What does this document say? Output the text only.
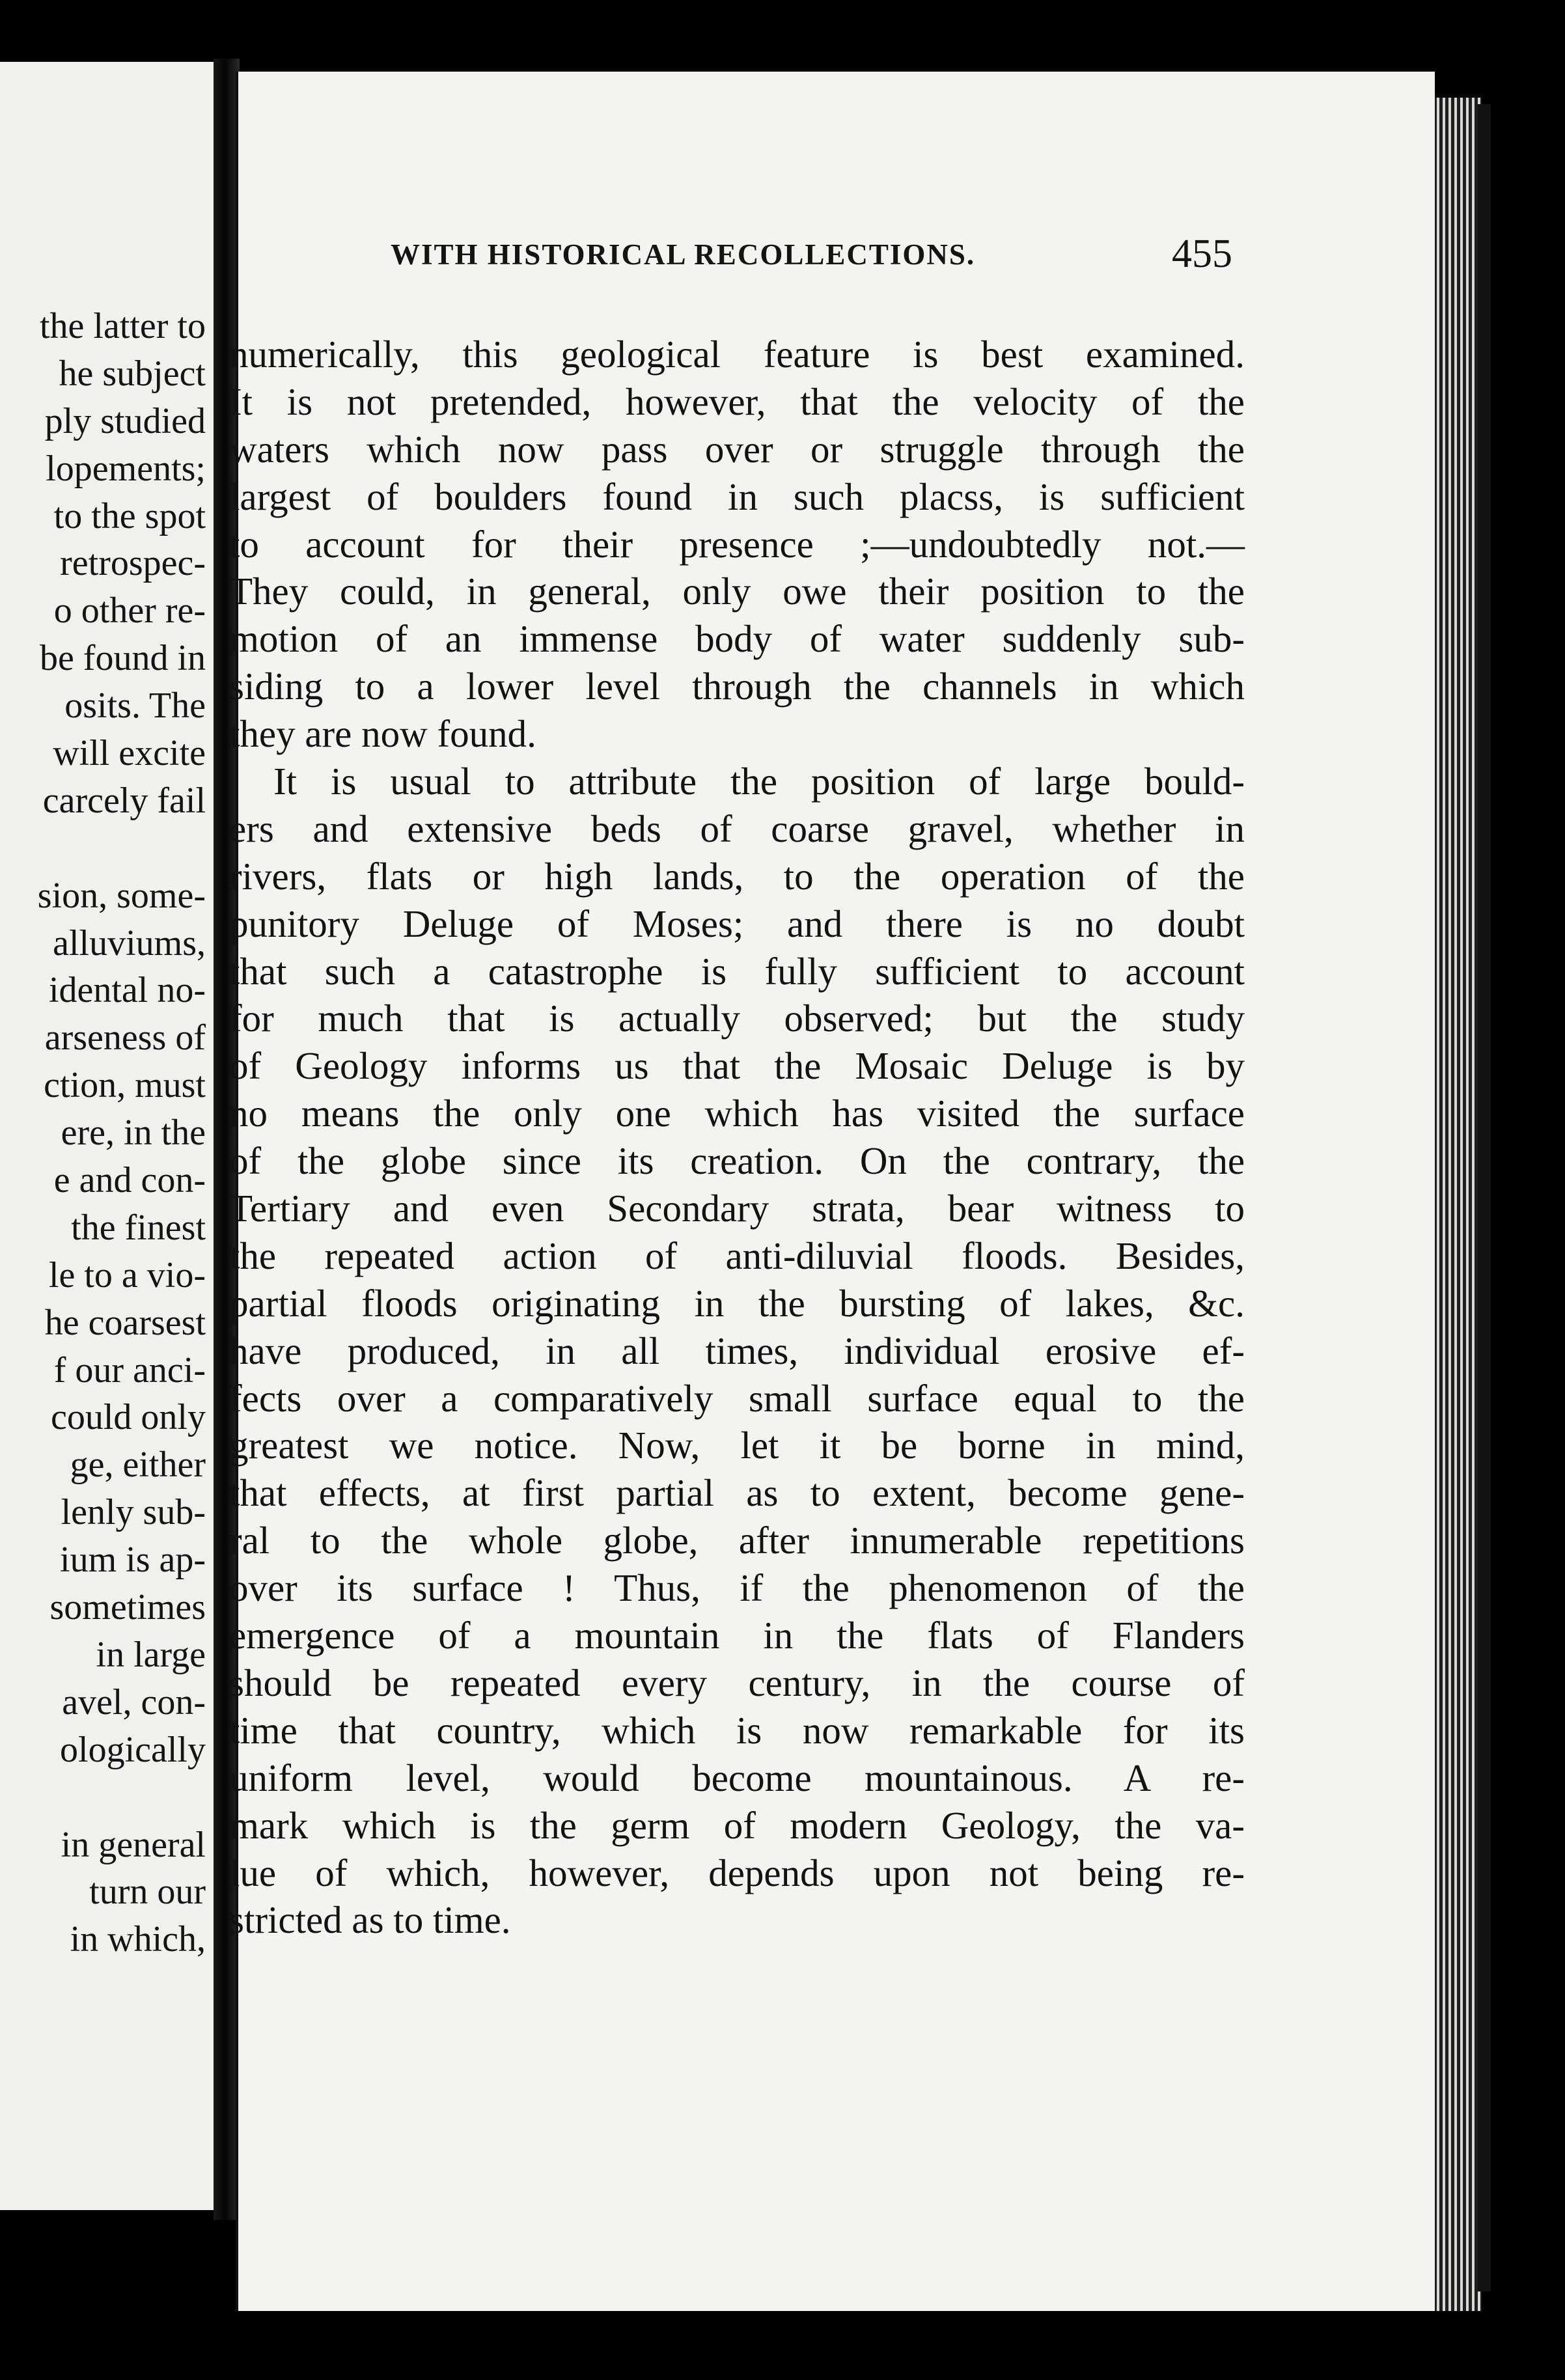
the latter to
he subject
ply studied
lopements;
to the spot
retrospec-
o other re-
be found in
osits. The
will excite
carcely fail
sion, some-
alluviums,
idental no-
arseness of
ction, must
ere, in the
e and con-
the finest
le to a vio-
he coarsest
f our anci-
could only
ge, either
lenly sub-
ium is ap-
sometimes
in large
avel, con-
ologically
in general
turn our
in which,
WITH HISTORICAL RECOLLECTIONS.	455
numerically, this geological feature is best examined.
It is not pretended, however, that the velocity of the
waters which now pass over or struggle through the
largest of boulders found in such placss, is sufficient
to account for their presence ;—undoubtedly not.—
They could, in general, only owe their position to the
motion of an immense body of water suddenly sub-
siding to a lower level through the channels in which
they are now found.
It is usual to attribute the position of large bould-
ers and extensive beds of coarse gravel, whether in
rivers, flats or high lands, to the operation of the
punitory Deluge of Moses; and there is no doubt
that such a catastrophe is fully sufficient to account
for much that is actually observed; but the study
of Geology informs us that the Mosaic Deluge is by
no means the only one which has visited the surface
of the globe since its creation. On the contrary, the
Tertiary and even Secondary strata, bear witness to
the repeated action of anti-diluvial floods. Besides,
partial floods originating in the bursting of lakes, &c.
have produced, in all times, individual erosive ef-
fects over a comparatively small surface equal to the
greatest we notice. Now, let it be borne in mind,
that effects, at first partial as to extent, become gene-
ral to the whole globe, after innumerable repetitions
over its surface ! Thus, if the phenomenon of the
emergence of a mountain in the flats of Flanders
should be repeated every century, in the course of
time that country, which is now remarkable for its
uniform level, would become mountainous. A re-
mark which is the germ of modern Geology, the va-
lue of which, however, depends upon not being re-
stricted as to time.
